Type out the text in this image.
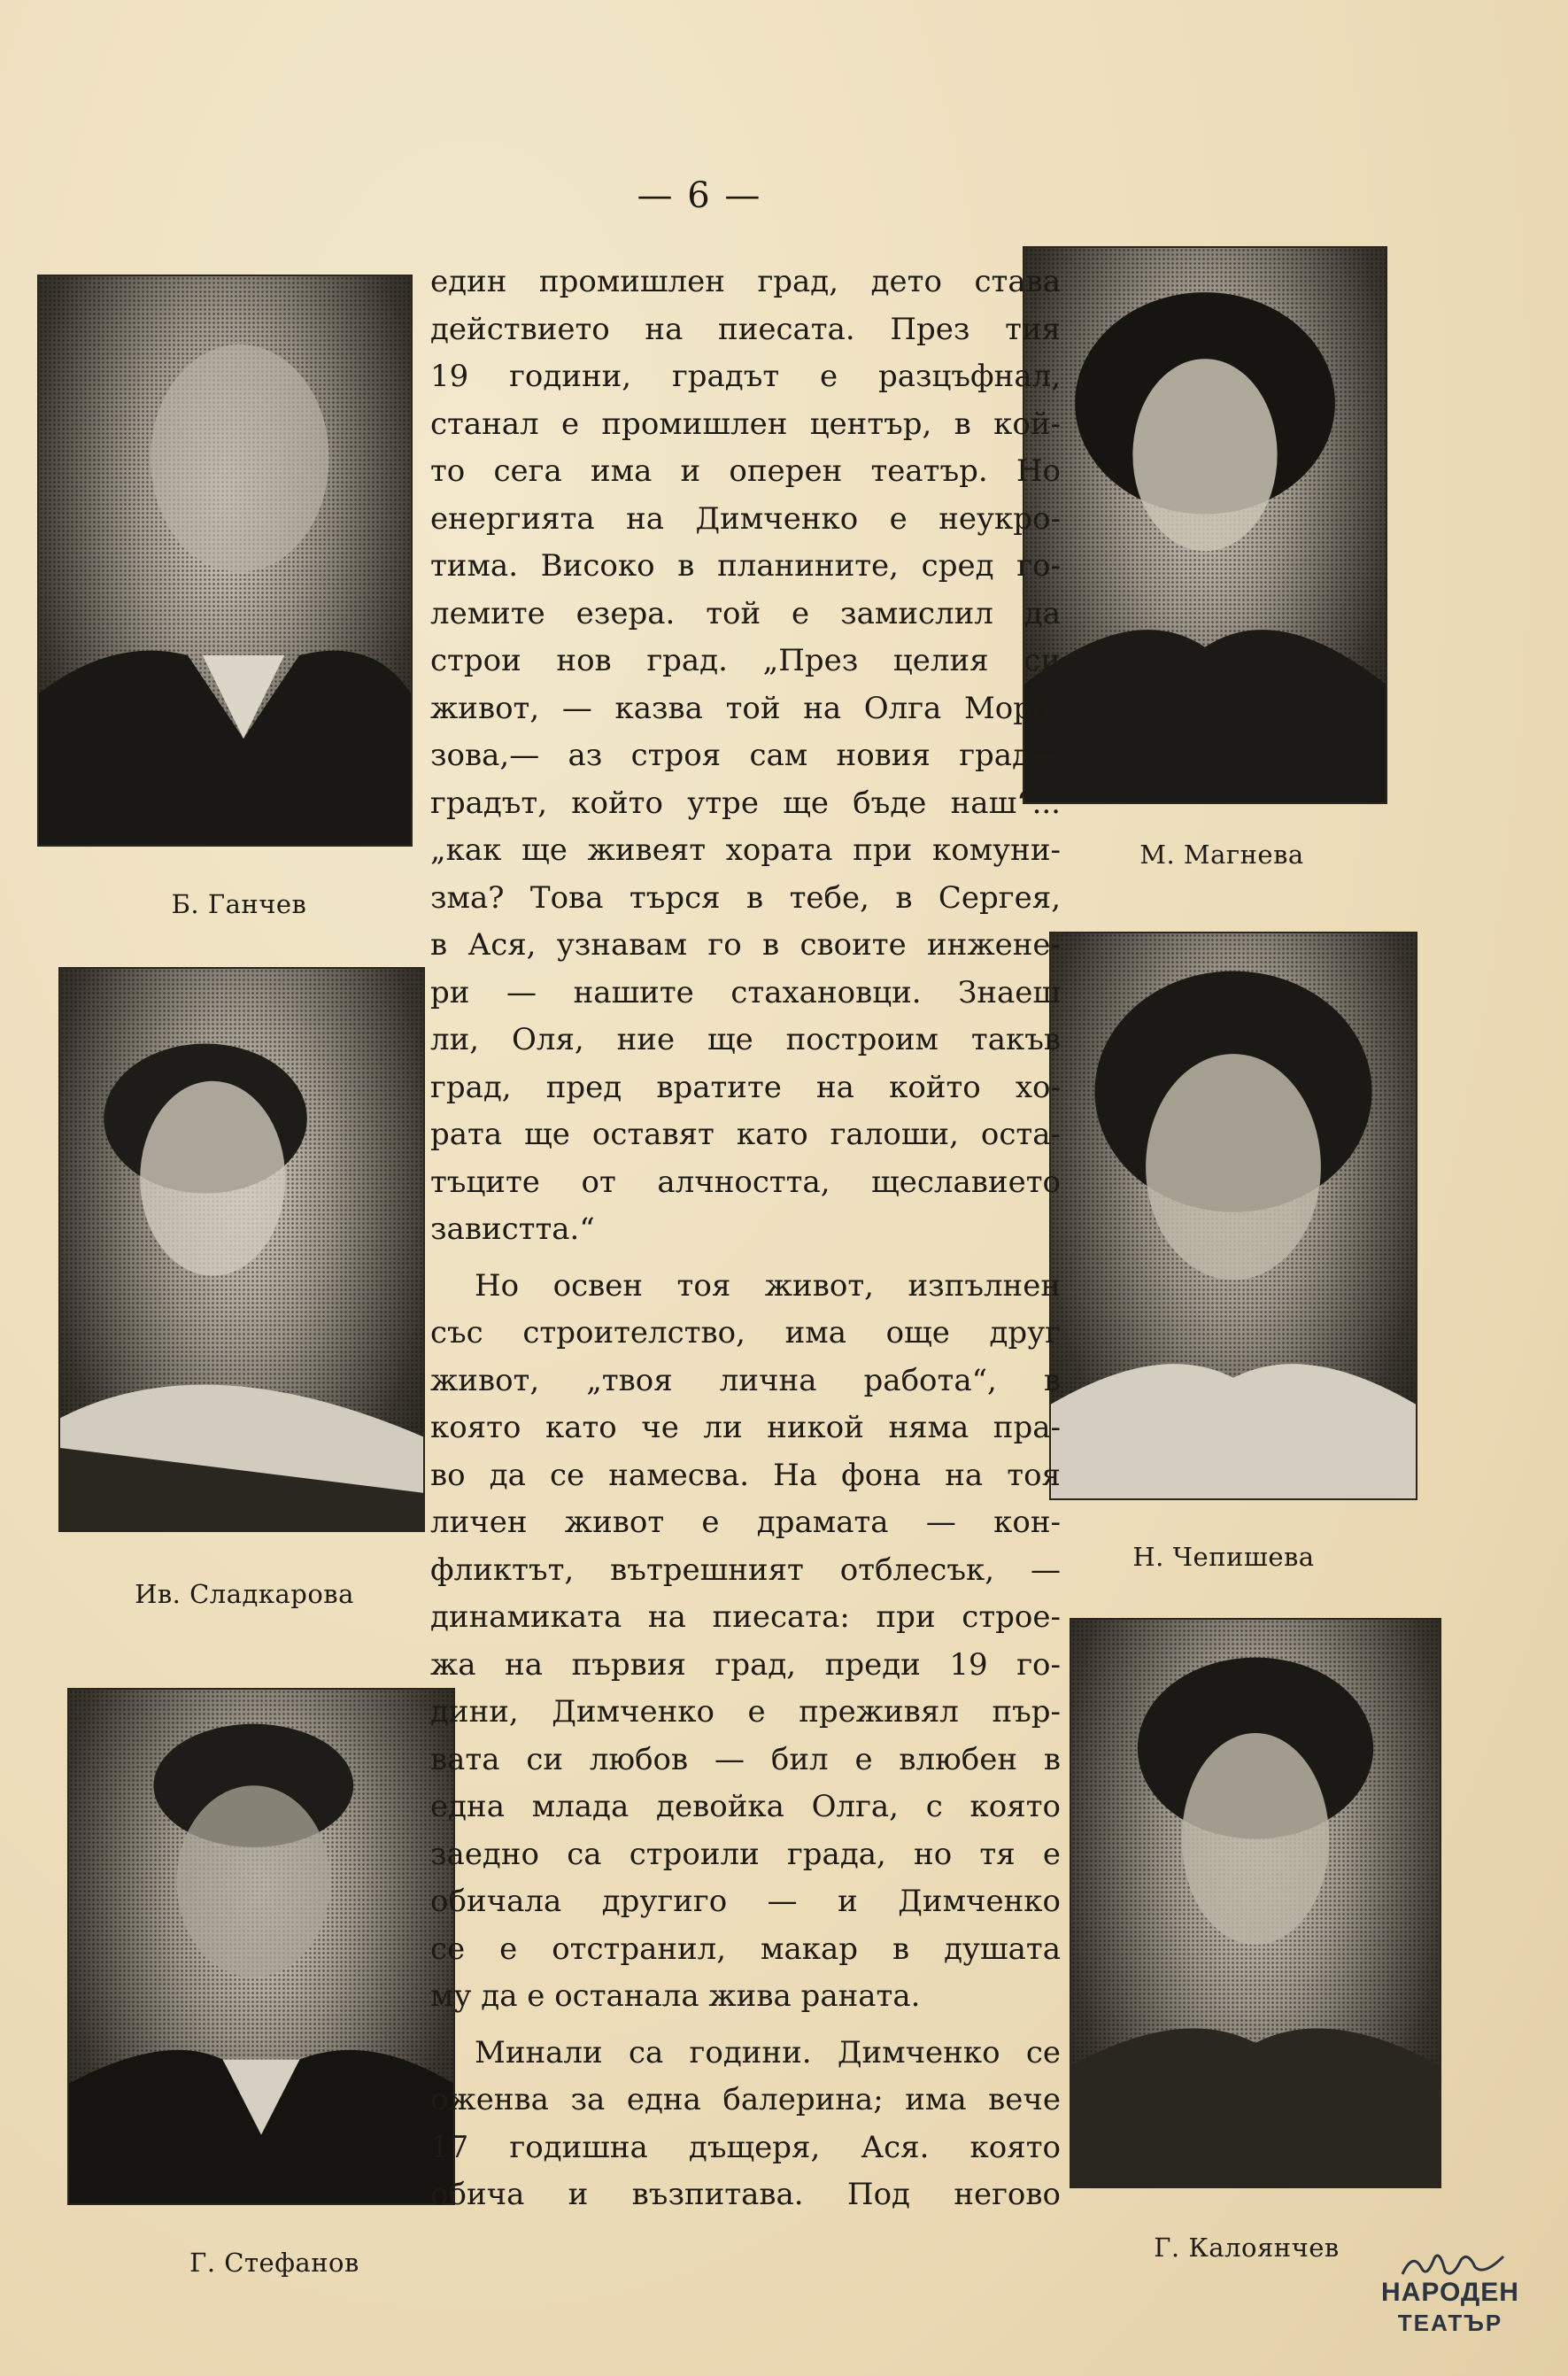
— 6 —
Б. Ганчев
Ив. Сладкарова
Г. Стефанов
М. Магнева
Н. Чепишева
Г. Калоянчев

един промишлен град, дето става
действието на пиесата. През тия
19 години, градът е разцъфнал,
станал е промишлен център, в кой-
то сега има и оперен театър. Но
енергията на Димченко е неукро-
тима. Високо в планините, сред го-
лемите езера. той е замислил да
строи нов град. „През целия си
живот, — казва той на Олга Моро-
зова,— аз строя сам новия град—
градът, който утре ще бъде наш“...
„как ще живеят хората при комуни-
зма? Това търся в тебе, в Сергея,
в Ася, узнавам го в своите инжене-
ри — нашите стахановци. Знаеш
ли, Оля, ние ще построим такъв
град, пред вратите на който хо-
рата ще оставят като галоши, оста-
тъците от алчността, щеславието
завистта.“

Но освен тоя живот, изпълнен
със строителство, има още друг
живот, „твоя лична работа“, в
която като че ли никой няма пра-
во да се намесва. На фона на тоя
личен живот е драмата — кон-
фликтът, вътрешният отблесък, —
динамиката на пиесата: при строе-
жа на първия град, преди 19 го-
дини, Димченко е преживял пър-
вата си любов — бил е влюбен в
една млада девойка Олга, с която
заедно са строили града, но тя е
обичала другиго — и Димченко
се е отстранил, макар в душата
му да е останала жива раната.

Минали са години. Димченко се
оженва за една балерина; има вече
17 годишна дъщеря, Ася. която
обича и възпитава. Под негово

НАРОДЕН
ТЕАТЪР
